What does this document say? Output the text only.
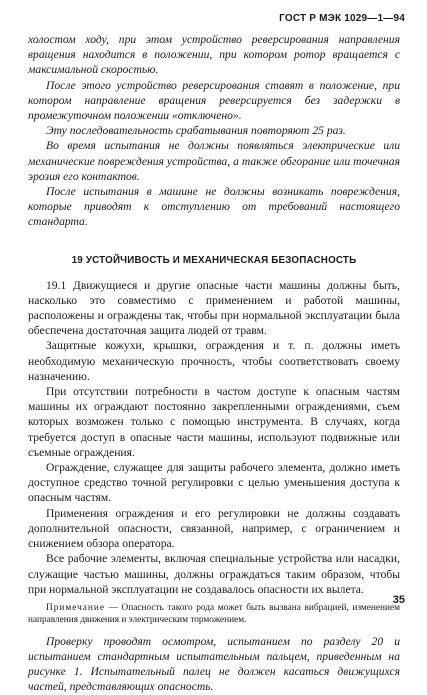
ГОСТ Р МЭК 1029—1—94

холостом ходу, при этом устройство реверсирования направления вращения находится в положении, при котором ротор вращается с максимальной скоростью.

После этого устройство реверсирования ставят в положение, при котором направление вращения реверсируется без задержки в промежуточном положении «отключено».

Эту последовательность срабатывания повторяют 25 раз.

Во время испытания не должны появляться электрические или механические повреждения устройства, а также обгорание или точечная эрозия его контактов.

После испытания в машине не должны возникать повреждения, которые приводят к отступлению от требований настоящего стандарта.

19 УСТОЙЧИВОСТЬ И МЕХАНИЧЕСКАЯ БЕЗОПАСНОСТЬ

19.1 Движущиеся и другие опасные части машины должны быть, насколько это совместимо с применением и работой машины, расположены и ограждены так, чтобы при нормальной эксплуатации была обеспечена достаточная защита людей от травм.

Защитные кожухи, крышки, ограждения и т. п. должны иметь необходимую механическую прочность, чтобы соответствовать своему назначению.

При отсутствии потребности в частом доступе к опасным частям машины их ограждают постоянно закрепленными ограждениями, съем которых возможен только с помощью инструмента. В случаях, когда требуется доступ в опасные части машины, используют подвижные или съемные ограждения.

Ограждение, служащее для защиты рабочего элемента, должно иметь доступное средство точной регулировки с целью уменьшения доступа к опасным частям.

Применения ограждения и его регулировки не должны создавать дополнительной опасности, связанной, например, с ограничением и снижением обзора оператора.

Все рабочие элементы, включая специальные устройства или насадки, служащие частью машины, должны ограждаться таким образом, чтобы при нормальной эксплуатации не создавалось опасности их вылета.

Примечание — Опасность такого рода может быть вызвана вибрацией, изменением направления движения и электрическим торможением.

Проверку проводят осмотром, испытанием по разделу 20 и испытанием стандартным испытательным пальцем, приведенным на рисунке 1. Испытательный палец не должен касаться движущихся частей, представляющих опасность.

35
